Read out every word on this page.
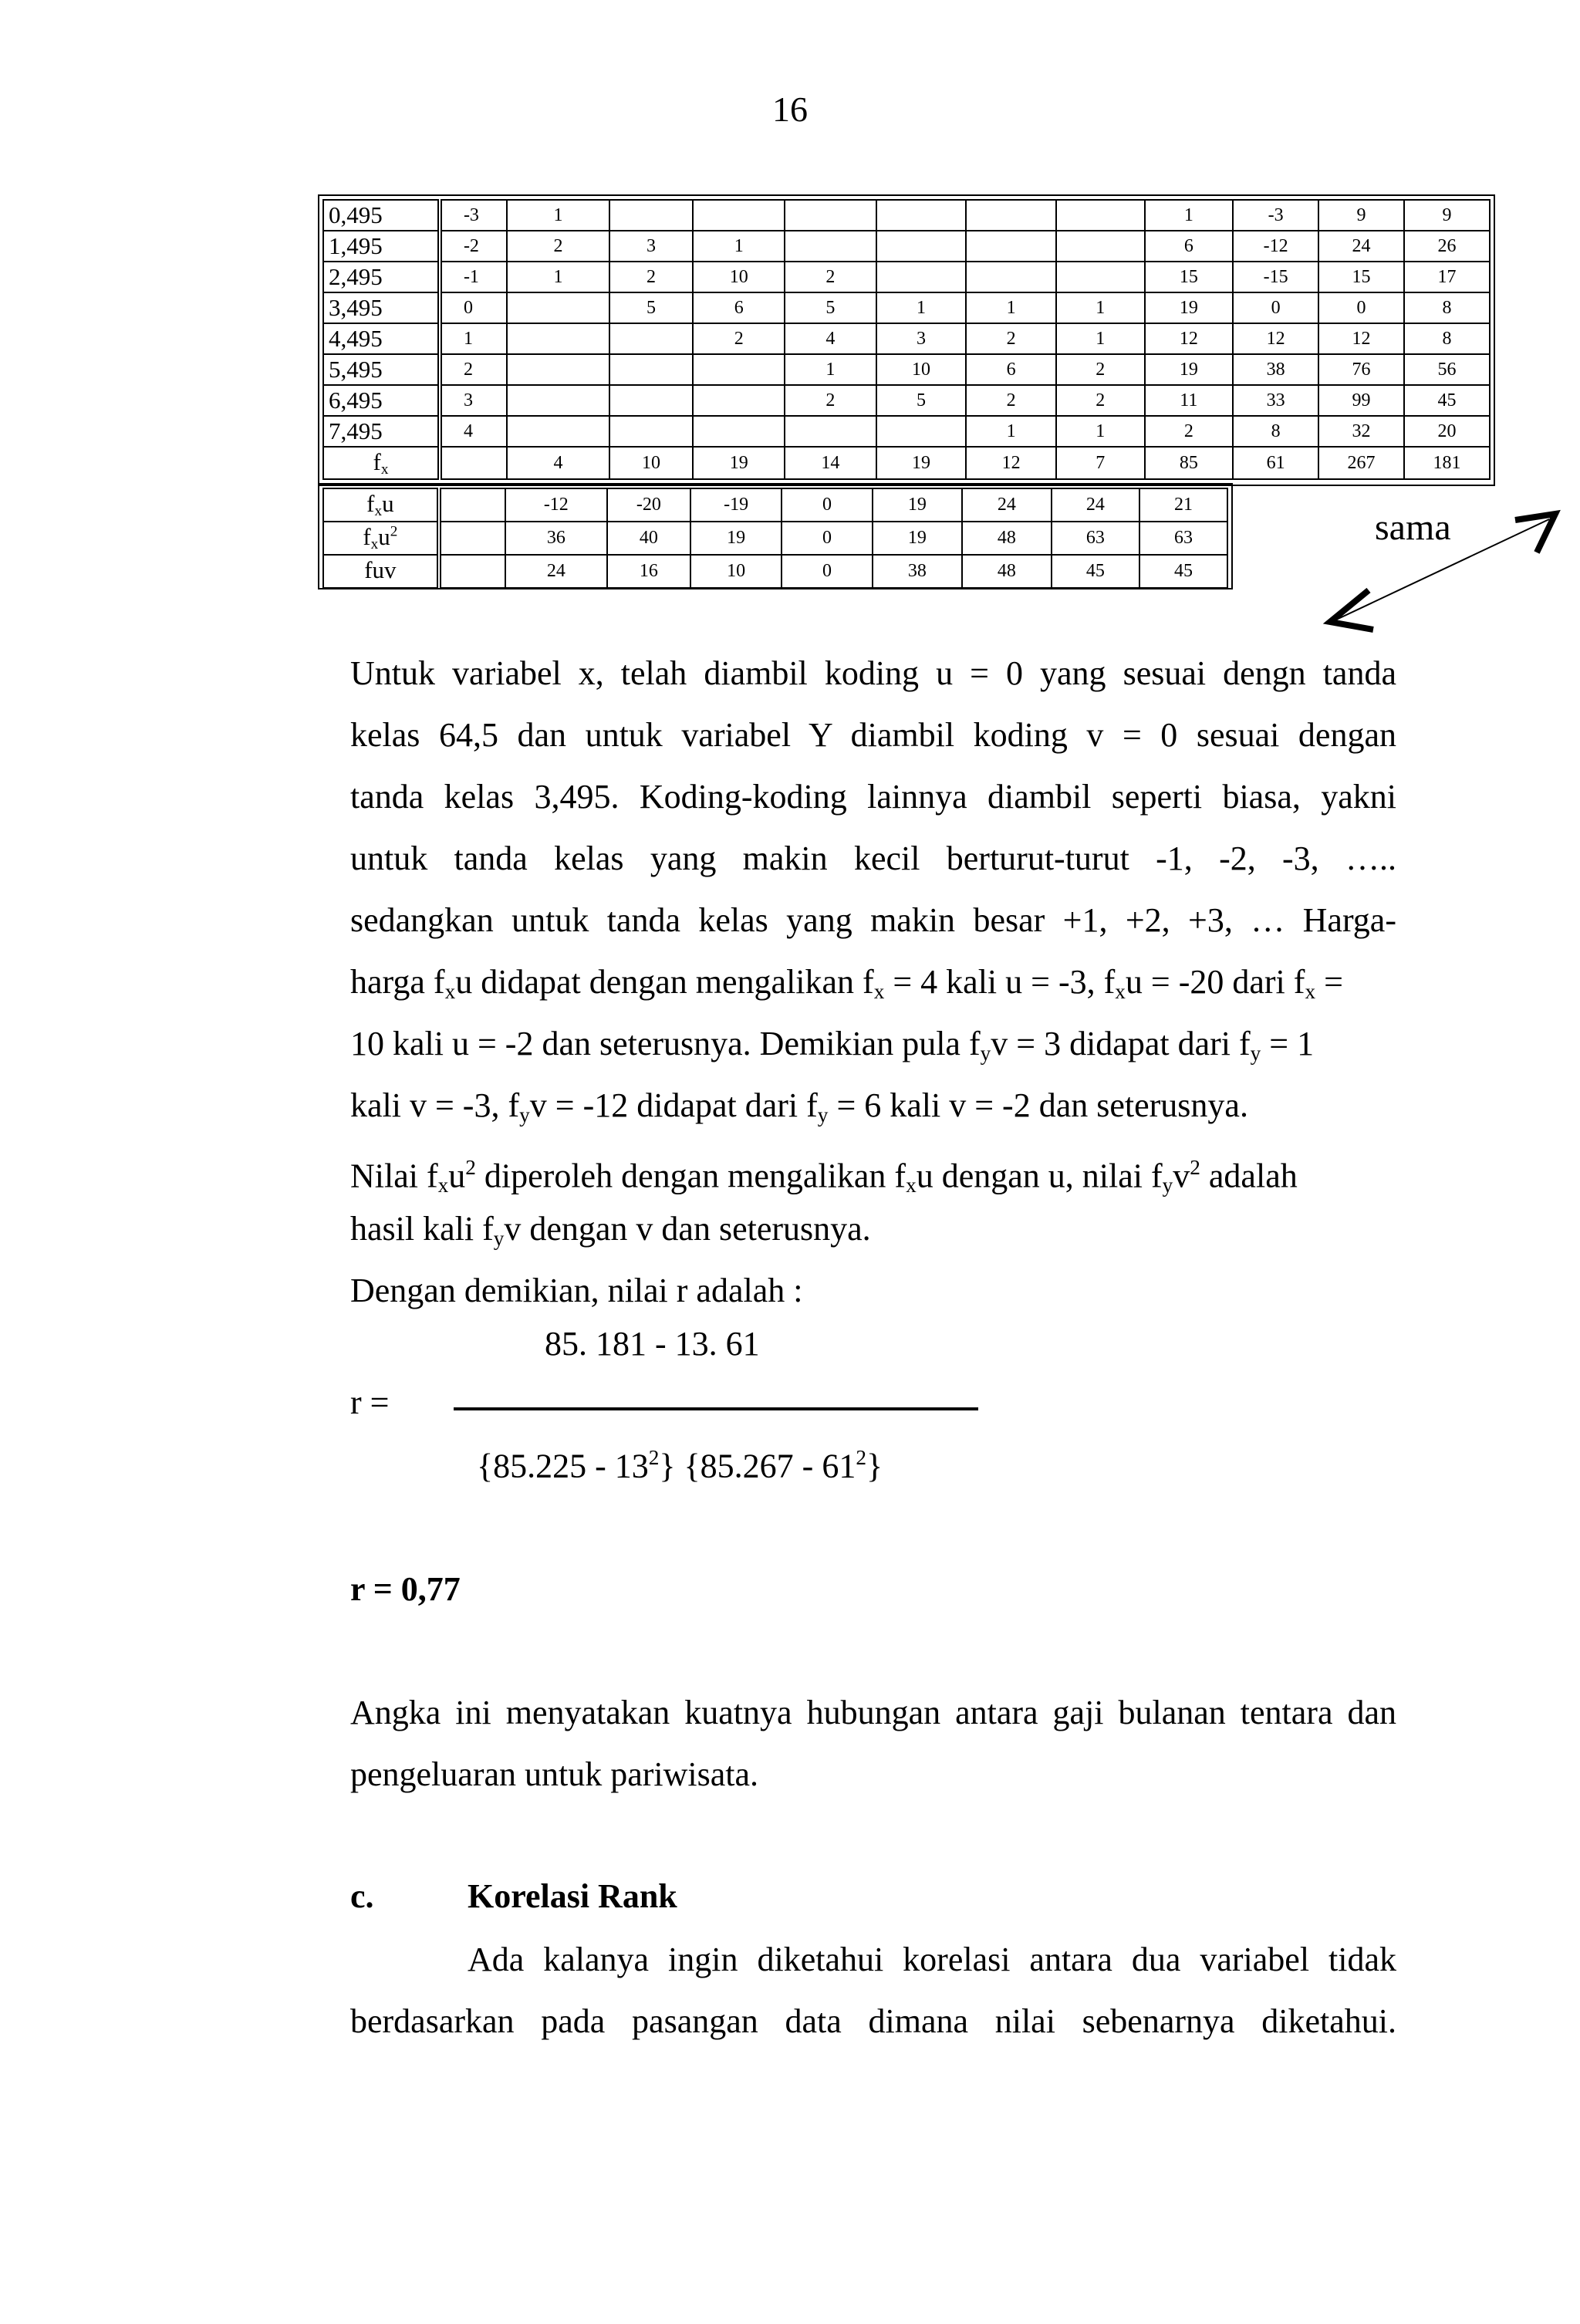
16
0,495	-3	1							1	-3	9	9
1,495	-2	2	3	1					6	-12	24	26
2,495	-1	1	2	10	2				15	-15	15	17
3,495	0		5	6	5	1	1	1	19	0	0	8
4,495	1			2	4	3	2	1	12	12	12	8
5,495	2				1	10	6	2	19	38	76	56
6,495	3				2	5	2	2	11	33	99	45
7,495	4						1	1	2	8	32	20
$f_x$		4	10	19	14	19	12	7	85	61	267	181
$f_xu$		-12	-20	-19	0	19	24	24	21
$f_xu^2$		36	40	19	0	19	48	63	63
fuv		24	16	10	0	38	48	45	45
sama
Untuk variabel x, telah diambil koding u = 0 yang sesuai dengn tanda
kelas 64,5 dan untuk variabel Y diambil koding v = 0 sesuai dengan
tanda kelas 3,495. Koding-koding lainnya diambil seperti biasa, yakni
untuk tanda kelas yang makin kecil berturut-turut -1, -2, -3, …..
sedangkan untuk tanda kelas yang makin besar +1, +2, +3, … Harga-
harga $f_xu$ didapat dengan mengalikan $f_x = 4$ kali u = -3, $f_xu = -20$ dari $f_x$ =
10 kali u = -2 dan seterusnya. Demikian pula $f_yv = 3$ didapat dari $f_y = 1$
kali v = -3, $f_yv = -12$ didapat dari $f_y = 6$ kali v = -2 dan seterusnya.
Nilai $f_xu^2$ diperoleh dengan mengalikan $f_xu$ dengan u, nilai $f_yv^2$ adalah
hasil kali $f_yv$ dengan v dan seterusnya.
Dengan demikian, nilai r adalah :
85. 181 - 13. 61
r =
$\{85.225 - 13^2\}$ $\{85.267 - 61^2\}$
r = 0,77
Angka ini menyatakan kuatnya hubungan antara gaji bulanan tentara dan
pengeluaran untuk pariwisata.
c.	Korelasi Rank
Ada kalanya ingin diketahui korelasi antara dua variabel tidak
berdasarkan pada pasangan data dimana nilai sebenarnya diketahui.
